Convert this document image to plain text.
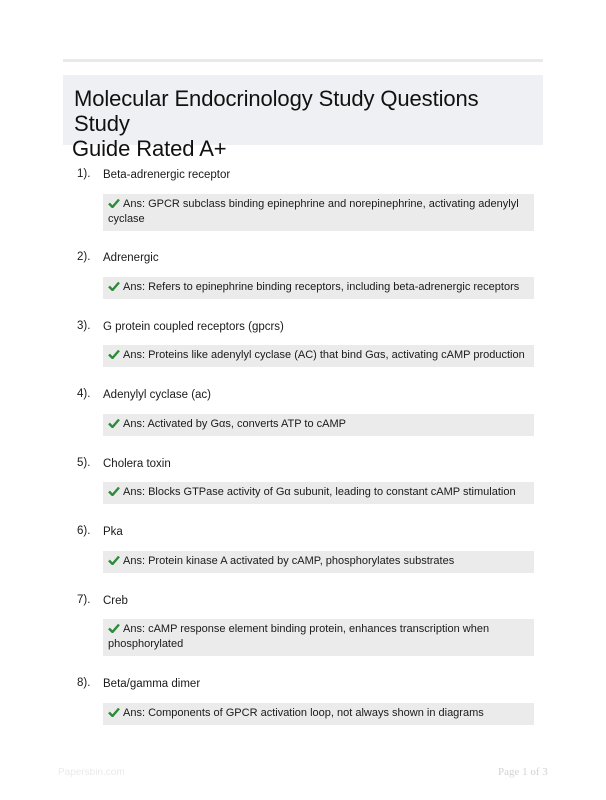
Molecular Endocrinology Study Questions Study
Guide Rated A+
1). Beta-adrenergic receptor
Ans: GPCR subclass binding epinephrine and norepinephrine, activating adenylyl cyclase
2). Adrenergic
Ans: Refers to epinephrine binding receptors, including beta-adrenergic receptors
3). G protein coupled receptors (gpcrs)
Ans: Proteins like adenylyl cyclase (AC) that bind Gαs, activating cAMP production
4). Adenylyl cyclase (ac)
Ans: Activated by Gαs, converts ATP to cAMP
5). Cholera toxin
Ans: Blocks GTPase activity of Gα subunit, leading to constant cAMP stimulation
6). Pka
Ans: Protein kinase A activated by cAMP, phosphorylates substrates
7). Creb
Ans: cAMP response element binding protein, enhances transcription when phosphorylated
8). Beta/gamma dimer
Ans: Components of GPCR activation loop, not always shown in diagrams
Papersbin.com	Page 1 of 3
